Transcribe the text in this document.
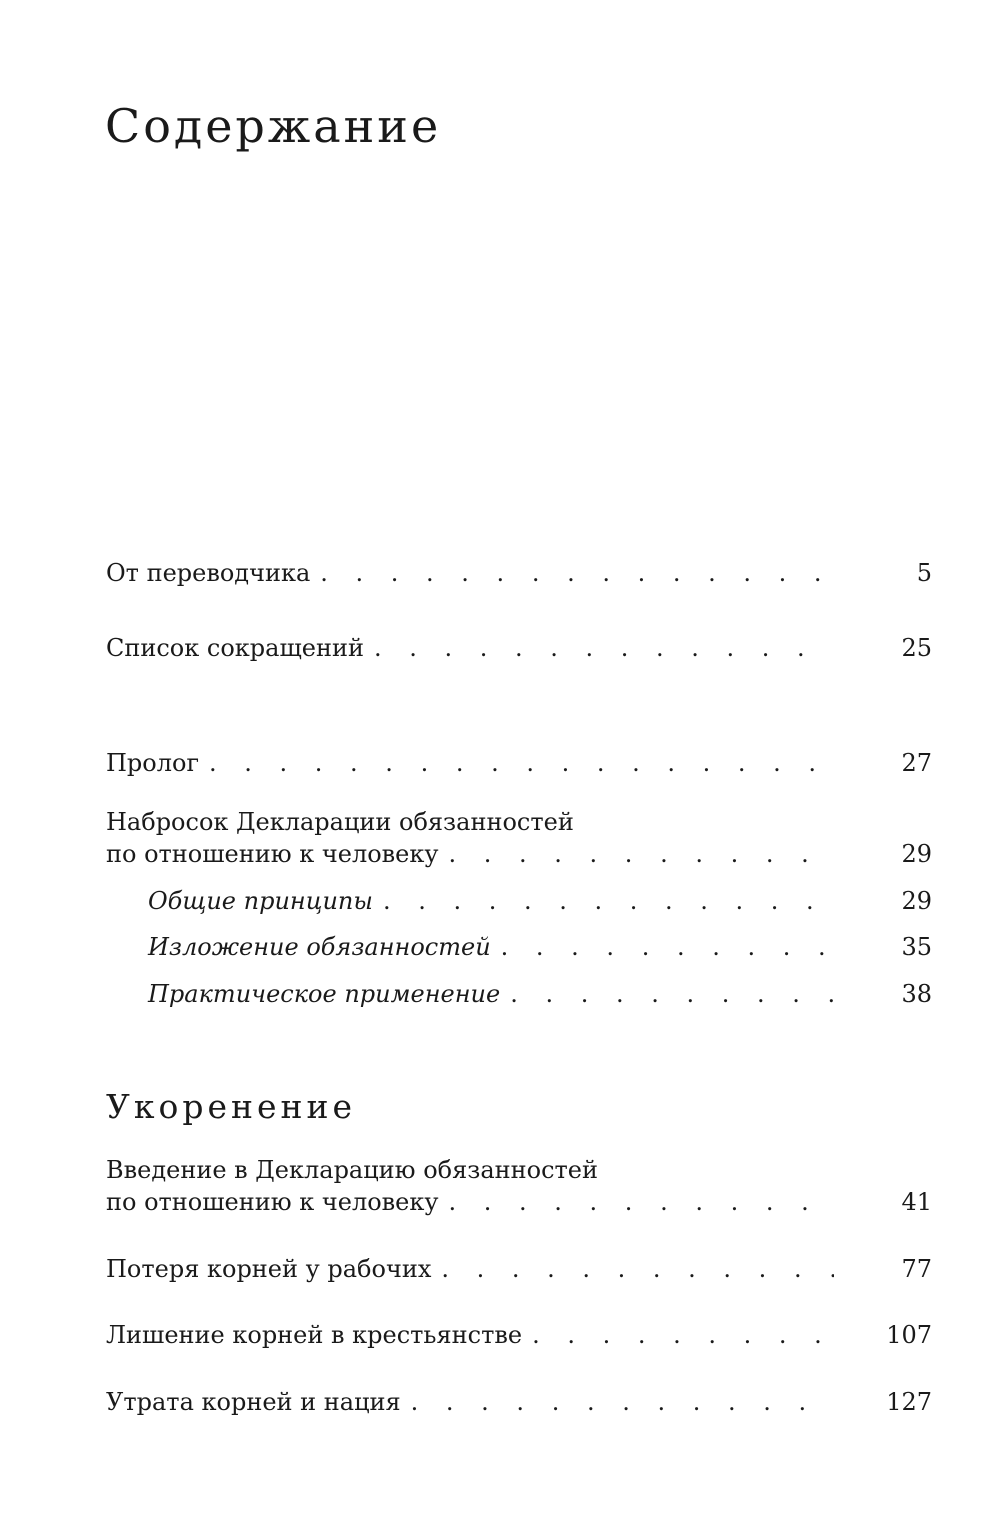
Содержание
От переводчика . . .	5
Список сокращений . . .	25
Пролог . . .	27
Набросок Декларации обязанностей
по отношению к человеку . . .	29
Общие принципы . . .	29
Изложение обязанностей . . .	35
Практическое применение . . .	38
Укоренение
Введение в Декларацию обязанностей
по отношению к человеку . . .	41
Потеря корней у рабочих . . .	77
Лишение корней в крестьянстве . . .	107
Утрата корней и нация . . .	127
